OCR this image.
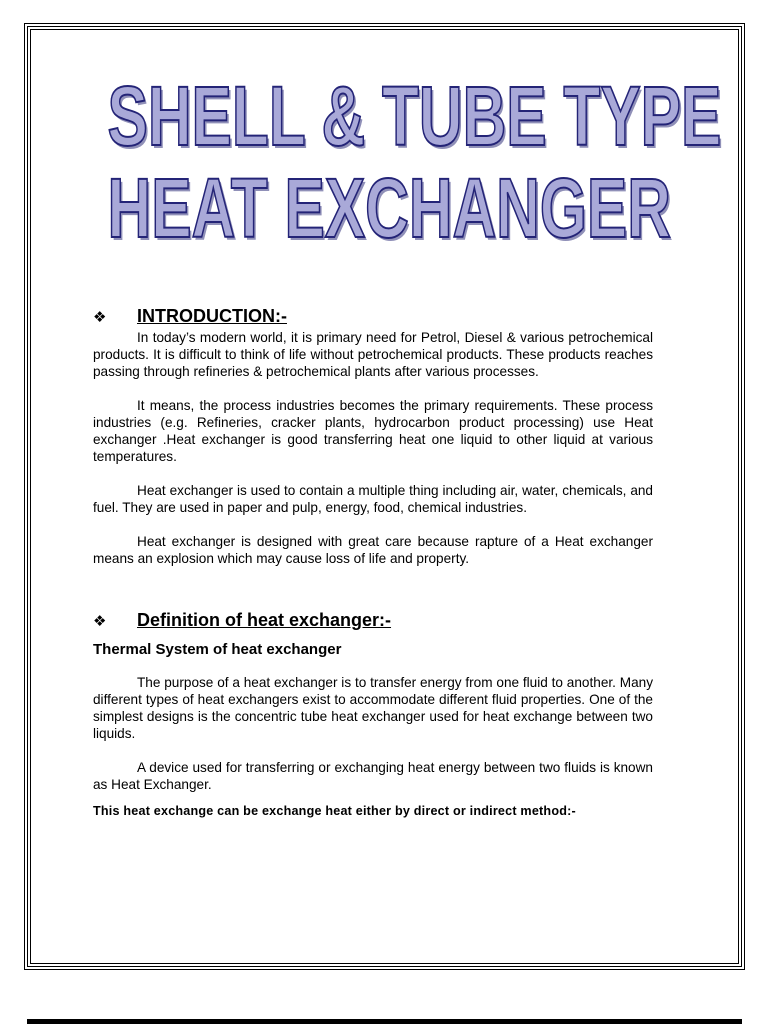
SHELL & TUBE TYPE
HEAT EXCHANGER
❖	INTRODUCTION:-

In today’s modern world, it is primary need for Petrol, Diesel & various petrochemical products. It is difficult to think of life without petrochemical products. These products reaches passing through refineries & petrochemical plants after various processes.

It means, the process industries becomes the primary requirements. These process industries (e.g. Refineries, cracker plants, hydrocarbon product processing) use Heat exchanger .Heat exchanger is good transferring heat one liquid to other liquid at various temperatures.

Heat exchanger is used to contain a multiple thing including air, water, chemicals, and fuel. They are used in paper and pulp, energy, food, chemical industries.

Heat exchanger is designed with great care because rapture of a Heat exchanger means an explosion which may cause loss of life and property.

❖	Definition of heat exchanger:-
Thermal System of heat exchanger

The purpose of a heat exchanger is to transfer energy from one fluid to another. Many different types of heat exchangers exist to accommodate different fluid properties. One of the simplest designs is the concentric tube heat exchanger used for heat exchange between two liquids.

A device used for transferring or exchanging heat energy between two fluids is known as Heat Exchanger.

This heat exchange can be exchange heat either by direct or indirect method:-
